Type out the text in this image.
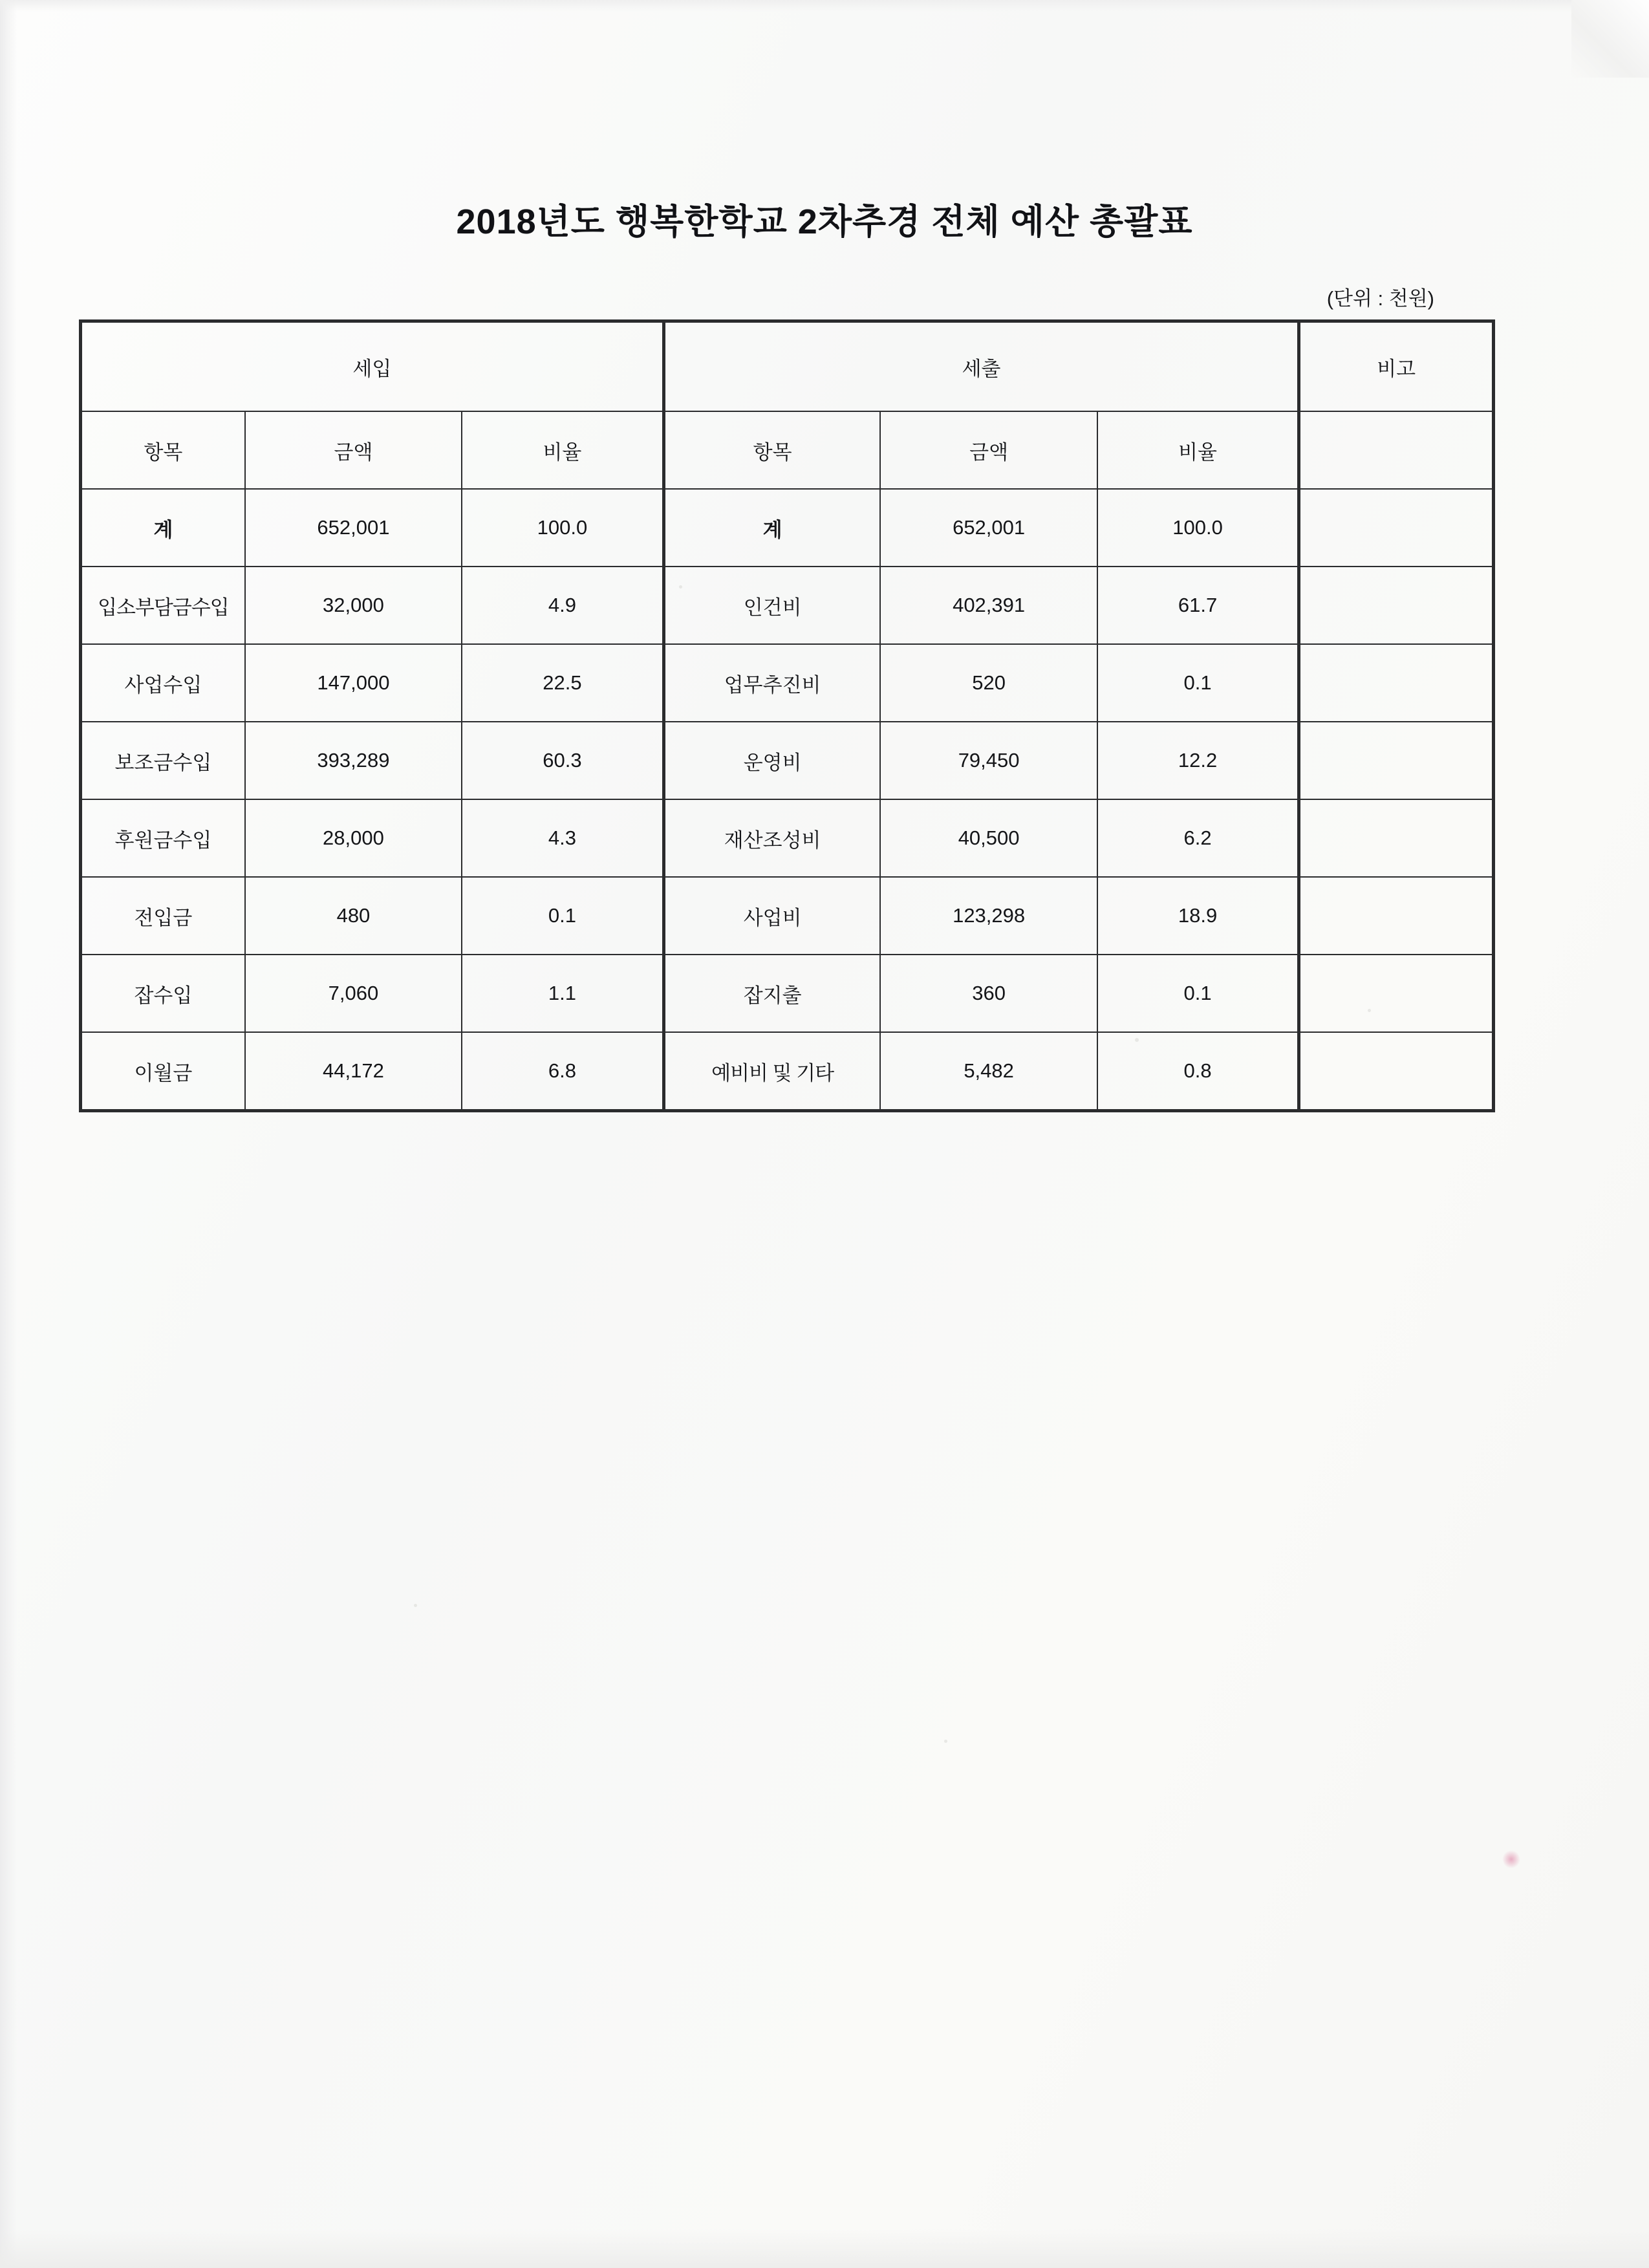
2018년도 행복한학교 2차추경 전체 예산 총괄표
(단위 : 천원)
세입			세출			비고
항목	금액	비율	항목	금액	비율	
계	652,001	100.0	계	652,001	100.0	
입소부담금수입	32,000	4.9	인건비	402,391	61.7	
사업수입	147,000	22.5	업무추진비	520	0.1	
보조금수입	393,289	60.3	운영비	79,450	12.2	
후원금수입	28,000	4.3	재산조성비	40,500	6.2	
전입금	480	0.1	사업비	123,298	18.9	
잡수입	7,060	1.1	잡지출	360	0.1	
이월금	44,172	6.8	예비비 및 기타	5,482	0.8	
